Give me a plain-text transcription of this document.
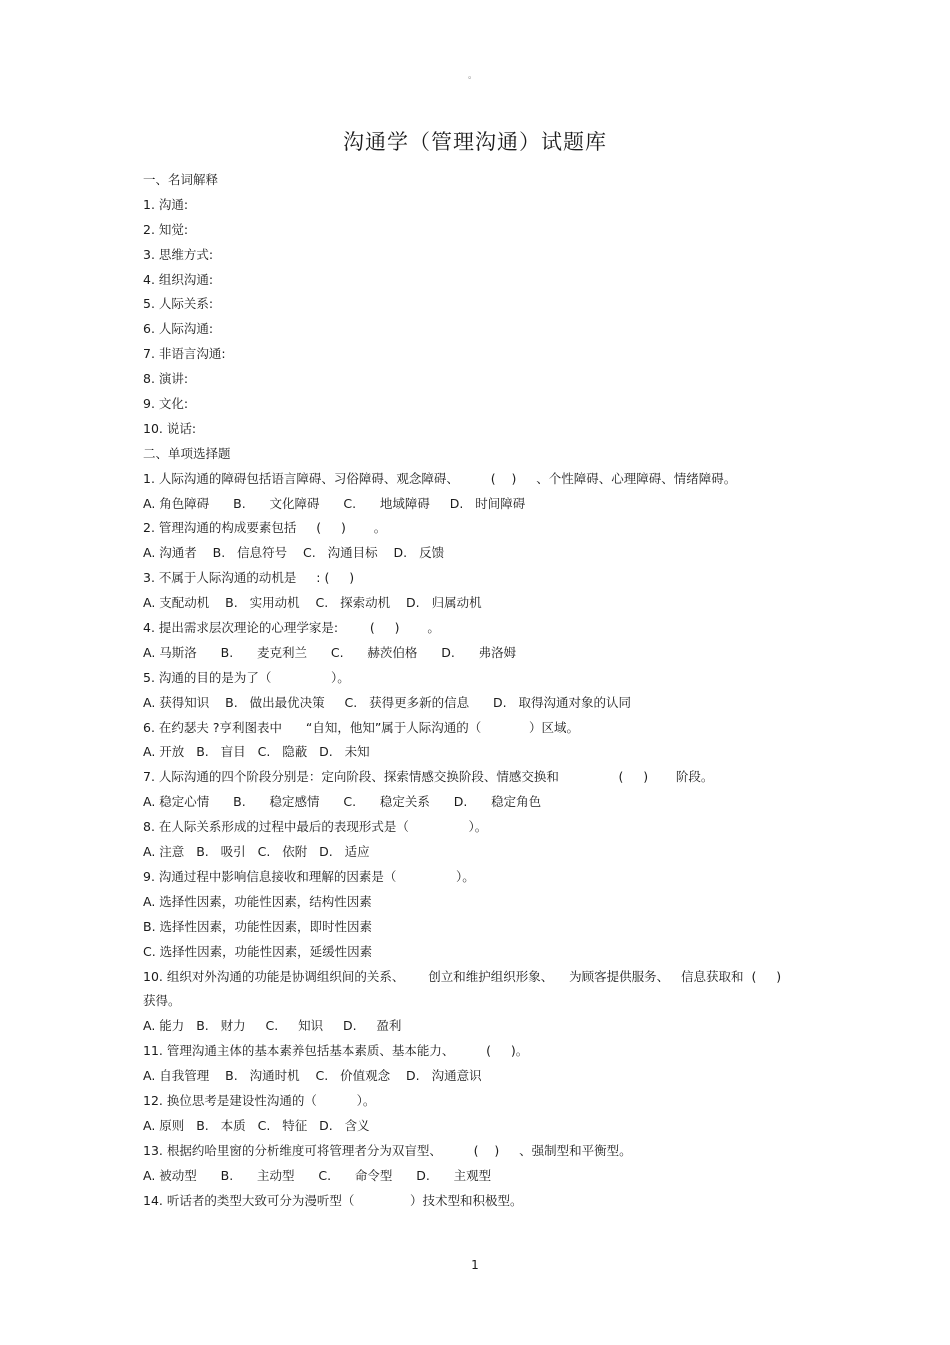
。
沟通学（管理沟通）试题库
一、名词解释
1. 沟通:
2. 知觉:
3. 思维方式:
4. 组织沟通:
5. 人际关系:
6. 人际沟通:
7. 非语言沟通:
8. 演讲:
9. 文化:
10. 说话:
二、单项选择题
1. 人际沟通的障碍包括语言障碍、习俗障碍、观念障碍、        (    )     、个性障碍、心理障碍、情绪障碍。
A. 角色障碍      B.      文化障碍      C.      地域障碍     D.   时间障碍
2. 管理沟通的构成要素包括     (     )       。
A. 沟通者    B.   信息符号    C.   沟通目标    D.   反馈
3. 不属于人际沟通的动机是     : (     )
A. 支配动机    B.   实用动机    C.   探索动机    D.   归属动机
4. 提出需求层次理论的心理学家是:        (     )       。
A. 马斯洛      B.      麦克利兰      C.      赫茨伯格      D.      弗洛姆
5. 沟通的目的是为了（               ）。
A. 获得知识    B.   做出最优决策     C.   获得更多新的信息      D.   取得沟通对象的认同
6. 在约瑟夫 ?亨利图表中      “自知，他知”属于人际沟通的（            ）区域。
A. 开放   B.   盲目   C.   隐蔽   D.   未知
7. 人际沟通的四个阶段分别是：定向阶段、探索情感交换阶段、情感交换和               (     )       阶段。
A. 稳定心情      B.      稳定感情      C.      稳定关系      D.      稳定角色
8. 在人际关系形成的过程中最后的表现形式是（               ）。
A. 注意   B.   吸引   C.   依附   D.   适应
9. 沟通过程中影响信息接收和理解的因素是（               ）。
A. 选择性因素，功能性因素，结构性因素
B. 选择性因素，功能性因素，即时性因素
C. 选择性因素，功能性因素，延缓性因素
10. 组织对外沟通的功能是协调组织间的关系、      创立和维护组织形象、    为顾客提供服务、   信息获取和  (     )
获得。
A. 能力   B.   财力     C.     知识     D.     盈利
11. 管理沟通主体的基本素养包括基本素质、基本能力、        (     )。
A. 自我管理    B.   沟通时机    C.   价值观念    D.   沟通意识
12. 换位思考是建设性沟通的（          ）。
A. 原则   B.   本质   C.   特征   D.   含义
13. 根据约哈里窗的分析维度可将管理者分为双盲型、        (    )     、强制型和平衡型。
A. 被动型      B.      主动型      C.      命令型      D.      主观型
14. 听话者的类型大致可分为漫听型（              ）技术型和积极型。
1
